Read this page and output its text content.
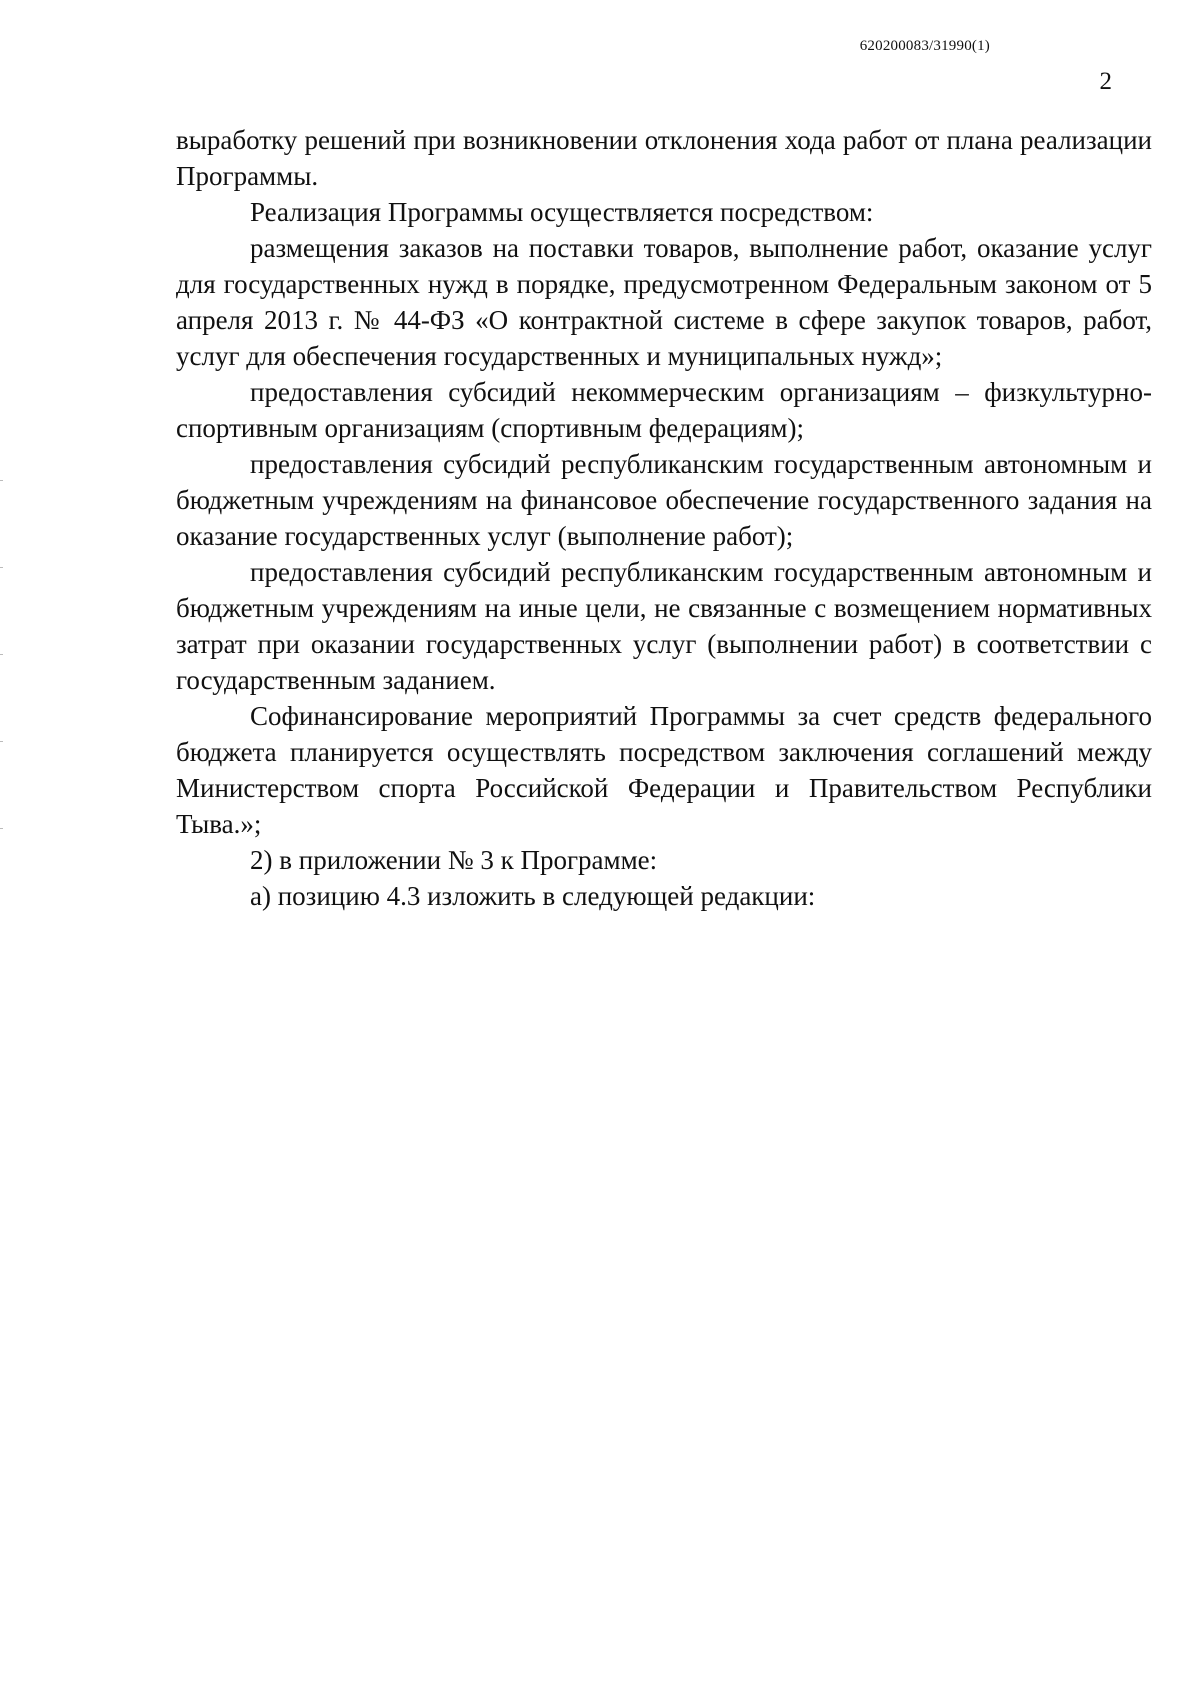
620200083/31990(1)
2

выработку решений при возникновении отклонения хода работ от плана реализации Программы.

Реализация Программы осуществляется посредством:

размещения заказов на поставки товаров, выполнение работ, оказание услуг для государственных нужд в порядке, предусмотренном Федеральным законом от 5 апреля 2013 г. № 44-ФЗ «О контрактной системе в сфере закупок товаров, работ, услуг для обеспечения государственных и муниципальных нужд»;

предоставления субсидий некоммерческим организациям – физкультурно-спортивным организациям (спортивным федерациям);

предоставления субсидий республиканским государственным автономным и бюджетным учреждениям на финансовое обеспечение государственного задания на оказание государственных услуг (выполнение работ);

предоставления субсидий республиканским государственным автономным и бюджетным учреждениям на иные цели, не связанные с возмещением нормативных затрат при оказании государственных услуг (выполнении работ) в соответствии с государственным заданием.

Софинансирование мероприятий Программы за счет средств федерального бюджета планируется осуществлять посредством заключения соглашений между Министерством спорта Российской Федерации и Правительством Республики Тыва.»;

2) в приложении № 3 к Программе:

а) позицию 4.3 изложить в следующей редакции:
